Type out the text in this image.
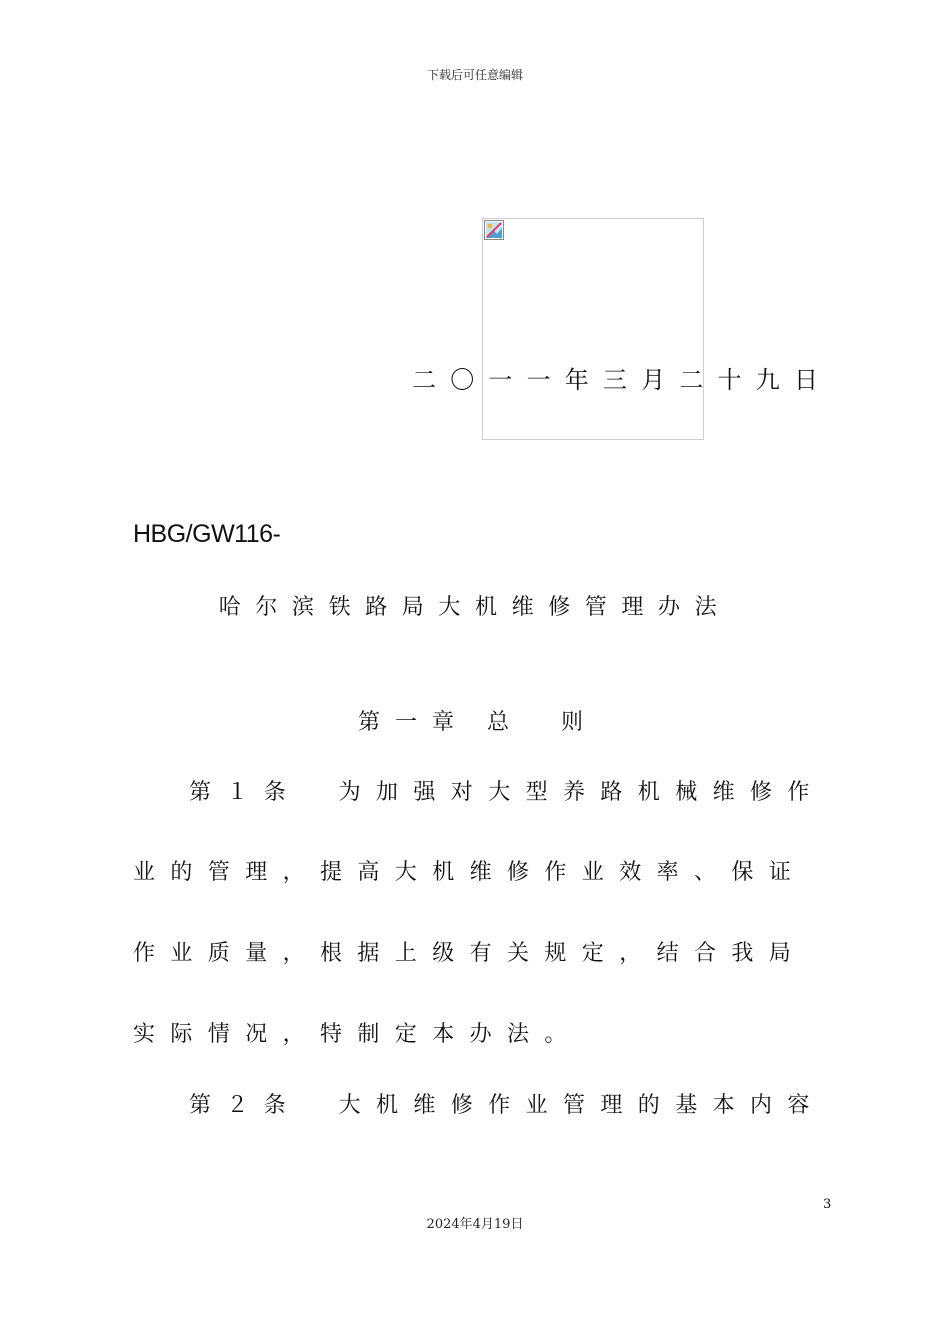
下载后可任意编辑
二〇一一年三月二十九日
HBG/GW116-
哈尔滨铁路局大机维修管理办法
第一章 总 则
第１条　为加强对大型养路机械维修作
业的管理，提高大机维修作业效率、保证
作业质量，根据上级有关规定，结合我局
实际情况，特制定本办法。
第２条　大机维修作业管理的基本内容
3
2024年4月19日
